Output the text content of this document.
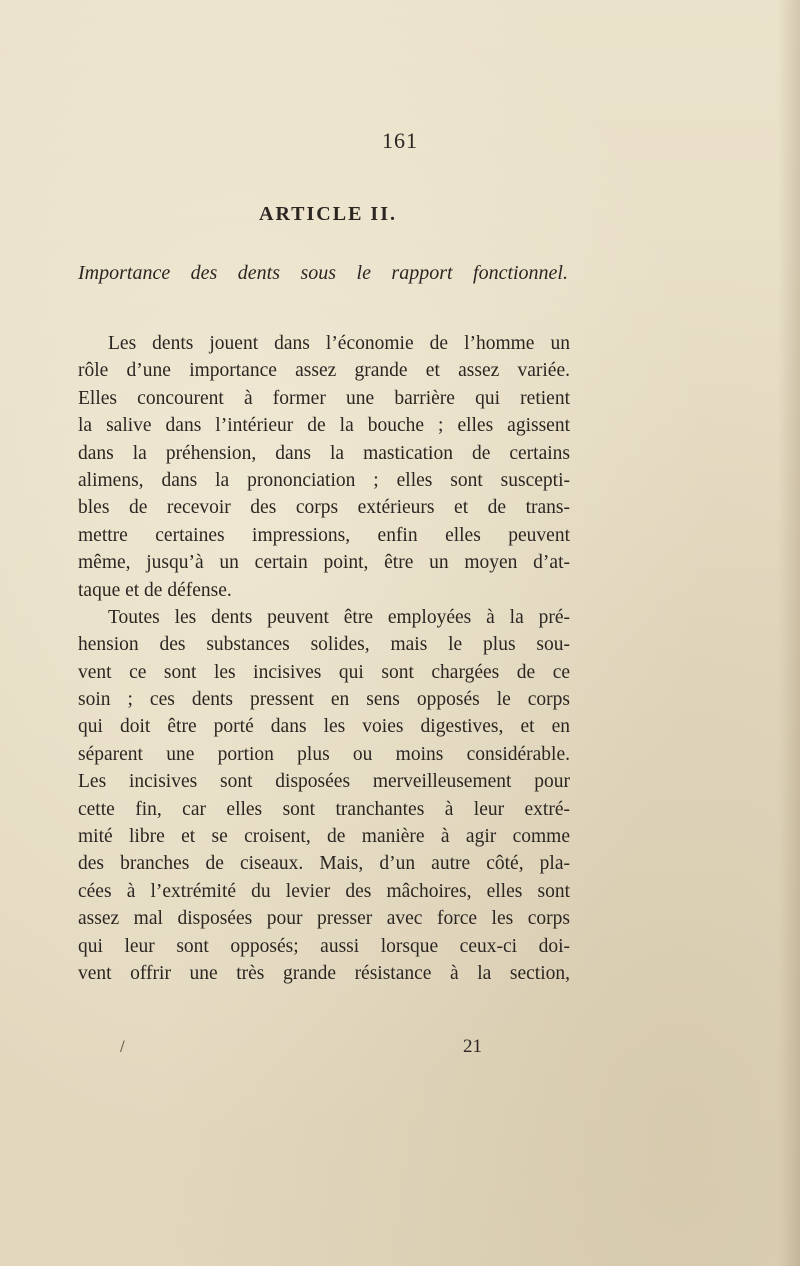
161
ARTICLE II.
Importance des dents sous le rapport fonctionnel.
Les dents jouent dans l’économie de l’homme un
rôle d’une importance assez grande et assez variée.
Elles concourent à former une barrière qui retient
la salive dans l’intérieur de la bouche ; elles agissent
dans la préhension, dans la mastication de certains
alimens, dans la prononciation ; elles sont suscepti-
bles de recevoir des corps extérieurs et de trans-
mettre certaines impressions, enfin elles peuvent
même, jusqu’à un certain point, être un moyen d’at-
taque et de défense.
Toutes les dents peuvent être employées à la pré-
hension des substances solides, mais le plus sou-
vent ce sont les incisives qui sont chargées de ce
soin ; ces dents pressent en sens opposés le corps
qui doit être porté dans les voies digestives, et en
séparent une portion plus ou moins considérable.
Les incisives sont disposées merveilleusement pour
cette fin, car elles sont tranchantes à leur extré-
mité libre et se croisent, de manière à agir comme
des branches de ciseaux. Mais, d’un autre côté, pla-
cées à l’extrémité du levier des mâchoires, elles sont
assez mal disposées pour presser avec force les corps
qui leur sont opposés; aussi lorsque ceux-ci doi-
vent offrir une très grande résistance à la section,
/	21
